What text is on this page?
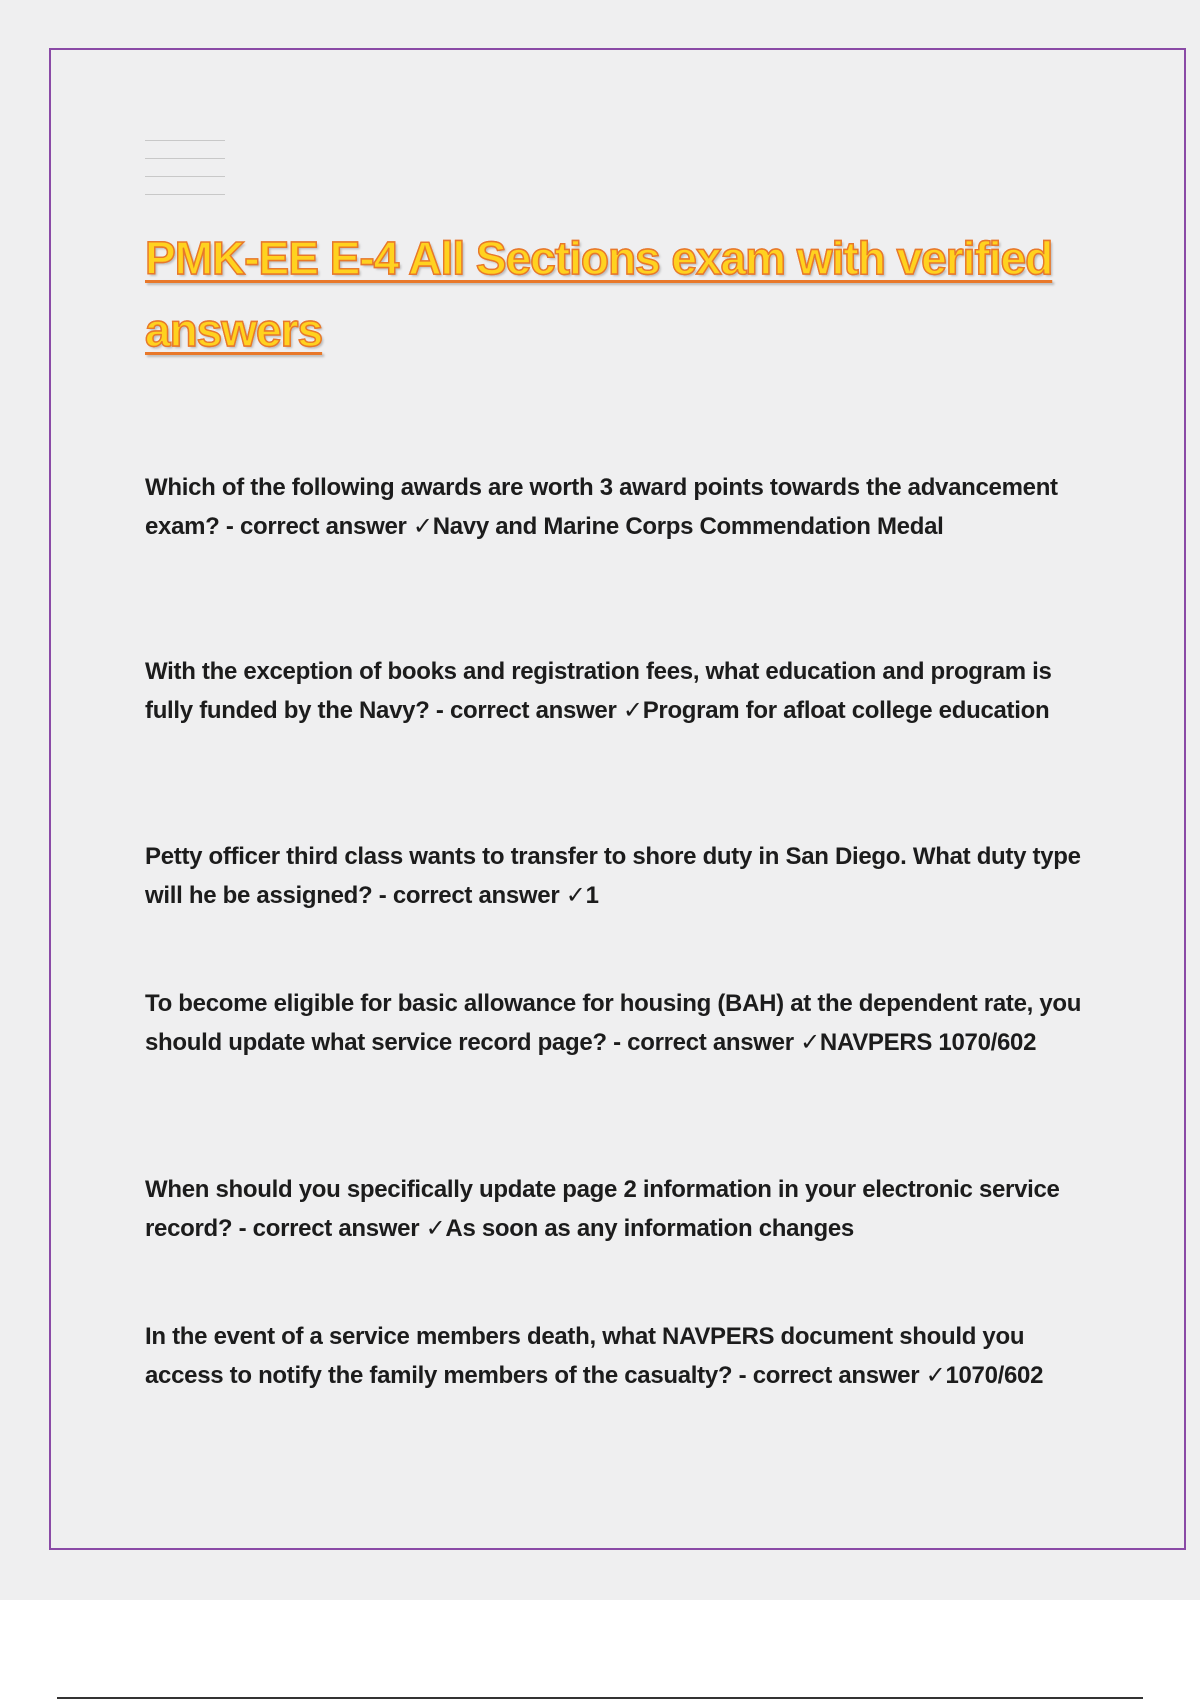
PMK-EE E-4 All Sections exam with verified answers

Which of the following awards are worth 3 award points towards the advancement exam? - correct answer ✓Navy and Marine Corps Commendation Medal

With the exception of books and registration fees, what education and program is fully funded by the Navy? - correct answer ✓Program for afloat college education

Petty officer third class wants to transfer to shore duty in San Diego. What duty type will he be assigned? - correct answer ✓1

To become eligible for basic allowance for housing (BAH) at the dependent rate, you should update what service record page? - correct answer ✓NAVPERS 1070/602

When should you specifically update page 2 information in your electronic service record? - correct answer ✓As soon as any information changes

In the event of a service members death, what NAVPERS document should you access to notify the family members of the casualty? - correct answer ✓1070/602
